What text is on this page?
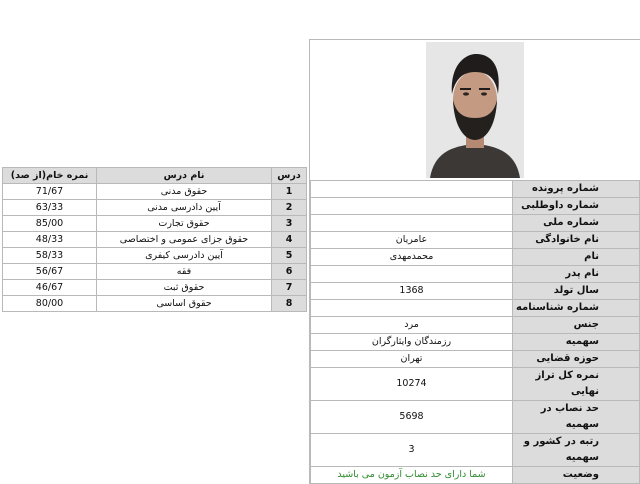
	شماره پرونده
	شماره داوطلبی
	شماره ملی
عامریان	نام خانوادگی
محمدمهدی	نام
	نام پدر
1368	سال تولد
	شماره شناسنامه
مرد	جنس
رزمندگان وایثارگران	سهمیه
تهران	حوزه قضایی
10274	نمره کل تراز نهایی
5698	حد نصاب در سهمیه
3	رتبه در کشور و سهمیه
شما دارای حد نصاب آزمون می باشید	وضعیت
نمره خام(از صد)	نام درس	درس
71/67	حقوق مدنی	1
63/33	آیین دادرسی مدنی	2
85/00	حقوق تجارت	3
48/33	حقوق جزای عمومی و اختصاصی	4
58/33	آیین دادرسی کیفری	5
56/67	فقه	6
46/67	حقوق ثبت	7
80/00	حقوق اساسی	8
